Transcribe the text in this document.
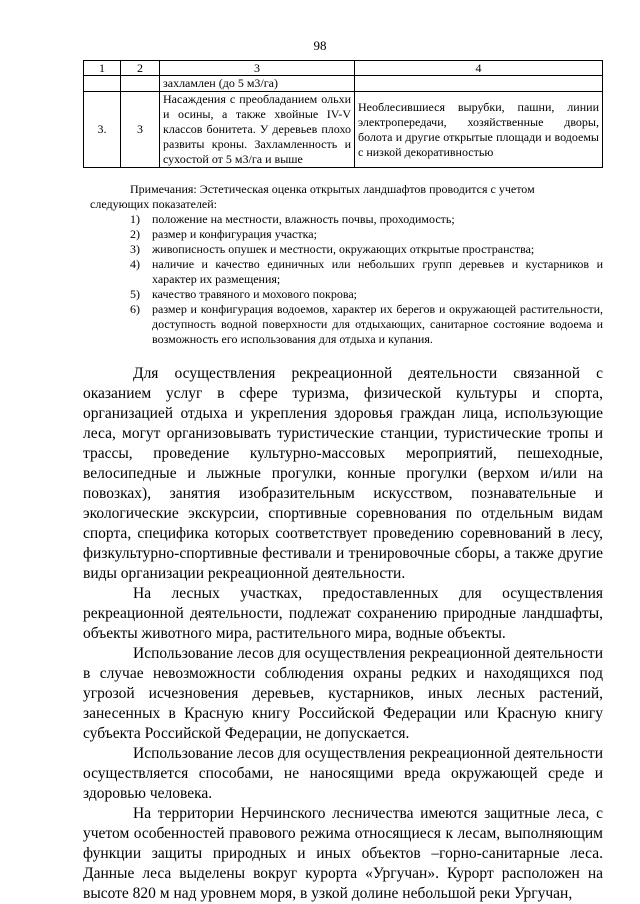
98
1	2	3	4
		захламлен (до 5 м3/га)	
3.	3	Насаждения с преобладанием ольхи и осины, а также хвойные IV-V классов бонитета. У деревьев плохо развиты кроны. Захламленность и сухостой от 5 м3/га и выше	Необлесившиеся вырубки, пашни, линии электропередачи, хозяйственные дворы, болота и другие открытые площади и водоемы с низкой декоративностью

Примечания: Эстетическая оценка открытых ландшафтов проводится с учетом

следующих показателей:

1)	положение на местности, влажность почвы, проходимость;
2)	размер и конфигурация участка;
3)	живописность опушек и местности, окружающих открытые пространства;
4)	наличие и качество единичных или небольших групп деревьев и кустарников и характер их размещения;
5)	качество травяного и мохового покрова;
6)	размер и конфигурация водоемов, характер их берегов и окружающей растительности, доступность водной поверхности для отдыхающих, санитарное состояние водоема и возможность его использования для отдыха и купания.

Для осуществления рекреационной деятельности связанной с оказанием услуг в сфере туризма, физической культуры и спорта, организацией отдыха и укрепления здоровья граждан лица, использующие леса, могут организовывать туристические станции, туристические тропы и трассы, проведение культурно-массовых мероприятий, пешеходные, велосипедные и лыжные прогулки, конные прогулки (верхом и/или на повозках), занятия изобразительным искусством, познавательные и экологические экскурсии, спортивные соревнования по отдельным видам спорта, специфика которых соответствует проведению соревнований в лесу, физкультурно-спортивные фестивали и тренировочные сборы, а также другие виды организации рекреационной деятельности.

На лесных участках, предоставленных для осуществления рекреационной деятельности, подлежат сохранению природные ландшафты, объекты животного мира, растительного мира, водные объекты.

Использование лесов для осуществления рекреационной деятельности в случае невозможности соблюдения охраны редких и находящихся под угрозой исчезновения деревьев, кустарников, иных лесных растений, занесенных в Красную книгу Российской Федерации или Красную книгу субъекта Российской Федерации, не допускается.

Использование лесов для осуществления рекреационной деятельности осуществляется способами, не наносящими вреда окружающей среде и здоровью человека.

На территории Нерчинского лесничества имеются защитные леса, с учетом особенностей правового режима относящиеся к лесам, выполняющим функции защиты природных и иных объектов –горно-санитарные леса. Данные леса выделены вокруг курорта «Ургучан». Курорт расположен на высоте 820 м над уровнем моря, в узкой долине небольшой реки Ургучан,
